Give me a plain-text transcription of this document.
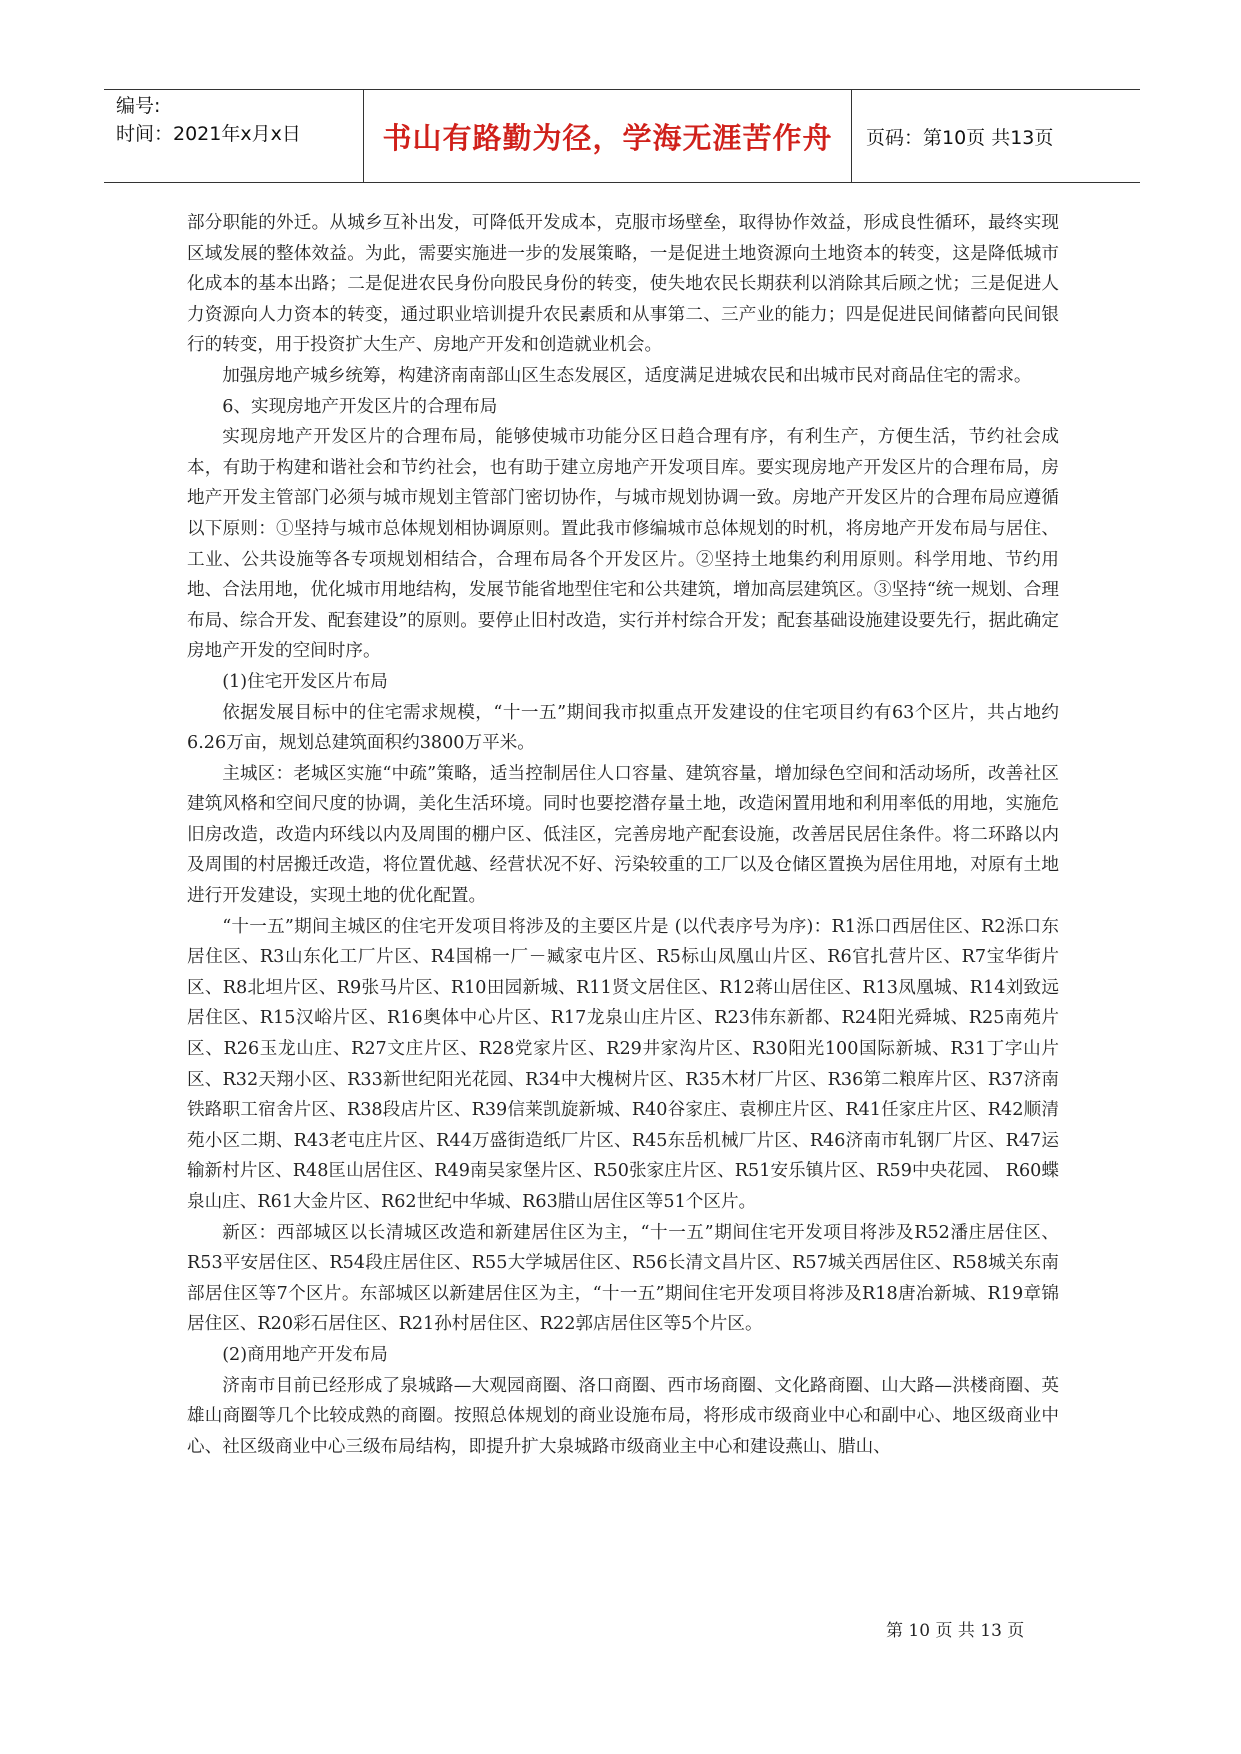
编号:
时间：2021年x月x日	书山有路勤为径，学海无涯苦作舟	页码：第10页 共13页

部分职能的外迁。从城乡互补出发，可降低开发成本，克服市场壁垒，取得协作效益，形成良性循环，最终实现区域发展的整体效益。为此，需要实施进一步的发展策略，一是促进土地资源向土地资本的转变，这是降低城市化成本的基本出路；二是促进农民身份向股民身份的转变，使失地农民长期获利以消除其后顾之忧；三是促进人力资源向人力资本的转变，通过职业培训提升农民素质和从事第二、三产业的能力；四是促进民间储蓄向民间银行的转变，用于投资扩大生产、房地产开发和创造就业机会。

加强房地产城乡统筹，构建济南南部山区生态发展区，适度满足进城农民和出城市民对商品住宅的需求。

6、实现房地产开发区片的合理布局

实现房地产开发区片的合理布局，能够使城市功能分区日趋合理有序，有利生产，方便生活，节约社会成本，有助于构建和谐社会和节约社会，也有助于建立房地产开发项目库。要实现房地产开发区片的合理布局，房地产开发主管部门必须与城市规划主管部门密切协作，与城市规划协调一致。房地产开发区片的合理布局应遵循以下原则：①坚持与城市总体规划相协调原则。置此我市修编城市总体规划的时机，将房地产开发布局与居住、工业、公共设施等各专项规划相结合，合理布局各个开发区片。②坚持土地集约利用原则。科学用地、节约用地、合法用地，优化城市用地结构，发展节能省地型住宅和公共建筑，增加高层建筑区。③坚持“统一规划、合理布局、综合开发、配套建设”的原则。要停止旧村改造，实行并村综合开发；配套基础设施建设要先行，据此确定房地产开发的空间时序。

(1)住宅开发区片布局

依据发展目标中的住宅需求规模，“十一五”期间我市拟重点开发建设的住宅项目约有63个区片，共占地约6.26万亩，规划总建筑面积约3800万平米。

主城区：老城区实施“中疏”策略，适当控制居住人口容量、建筑容量，增加绿色空间和活动场所，改善社区建筑风格和空间尺度的协调，美化生活环境。同时也要挖潜存量土地，改造闲置用地和利用率低的用地，实施危旧房改造，改造内环线以内及周围的棚户区、低洼区，完善房地产配套设施，改善居民居住条件。将二环路以内及周围的村居搬迁改造，将位置优越、经营状况不好、污染较重的工厂以及仓储区置换为居住用地，对原有土地进行开发建设，实现土地的优化配置。

“十一五”期间主城区的住宅开发项目将涉及的主要区片是 (以代表序号为序)：R1泺口西居住区、R2泺口东居住区、R3山东化工厂片区、R4国棉一厂－臧家屯片区、R5标山凤凰山片区、R6官扎营片区、R7宝华街片区、R8北坦片区、R9张马片区、R10田园新城、R11贤文居住区、R12蒋山居住区、R13凤凰城、R14刘致远居住区、R15汉峪片区、R16奥体中心片区、R17龙泉山庄片区、R23伟东新都、R24阳光舜城、R25南苑片区、R26玉龙山庄、R27文庄片区、R28党家片区、R29井家沟片区、R30阳光100国际新城、R31丁字山片区、R32天翔小区、R33新世纪阳光花园、R34中大槐树片区、R35木材厂片区、R36第二粮库片区、R37济南铁路职工宿舍片区、R38段店片区、R39信莱凯旋新城、R40谷家庄、袁柳庄片区、R41任家庄片区、R42顺清苑小区二期、R43老屯庄片区、R44万盛街造纸厂片区、R45东岳机械厂片区、R46济南市轧钢厂片区、R47运输新村片区、R48匡山居住区、R49南吴家堡片区、R50张家庄片区、R51安乐镇片区、R59中央花园、 R60蝶泉山庄、R61大金片区、R62世纪中华城、R63腊山居住区等51个区片。

新区：西部城区以长清城区改造和新建居住区为主，“十一五”期间住宅开发项目将涉及R52潘庄居住区、R53平安居住区、R54段庄居住区、R55大学城居住区、R56长清文昌片区、R57城关西居住区、R58城关东南部居住区等7个区片。东部城区以新建居住区为主，“十一五”期间住宅开发项目将涉及R18唐冶新城、R19章锦居住区、R20彩石居住区、R21孙村居住区、R22郭店居住区等5个片区。

(2)商用地产开发布局

济南市目前已经形成了泉城路—大观园商圈、洛口商圈、西市场商圈、文化路商圈、山大路—洪楼商圈、英雄山商圈等几个比较成熟的商圈。按照总体规划的商业设施布局，将形成市级商业中心和副中心、地区级商业中心、社区级商业中心三级布局结构，即提升扩大泉城路市级商业主中心和建设燕山、腊山、

第 10 页 共 13 页
